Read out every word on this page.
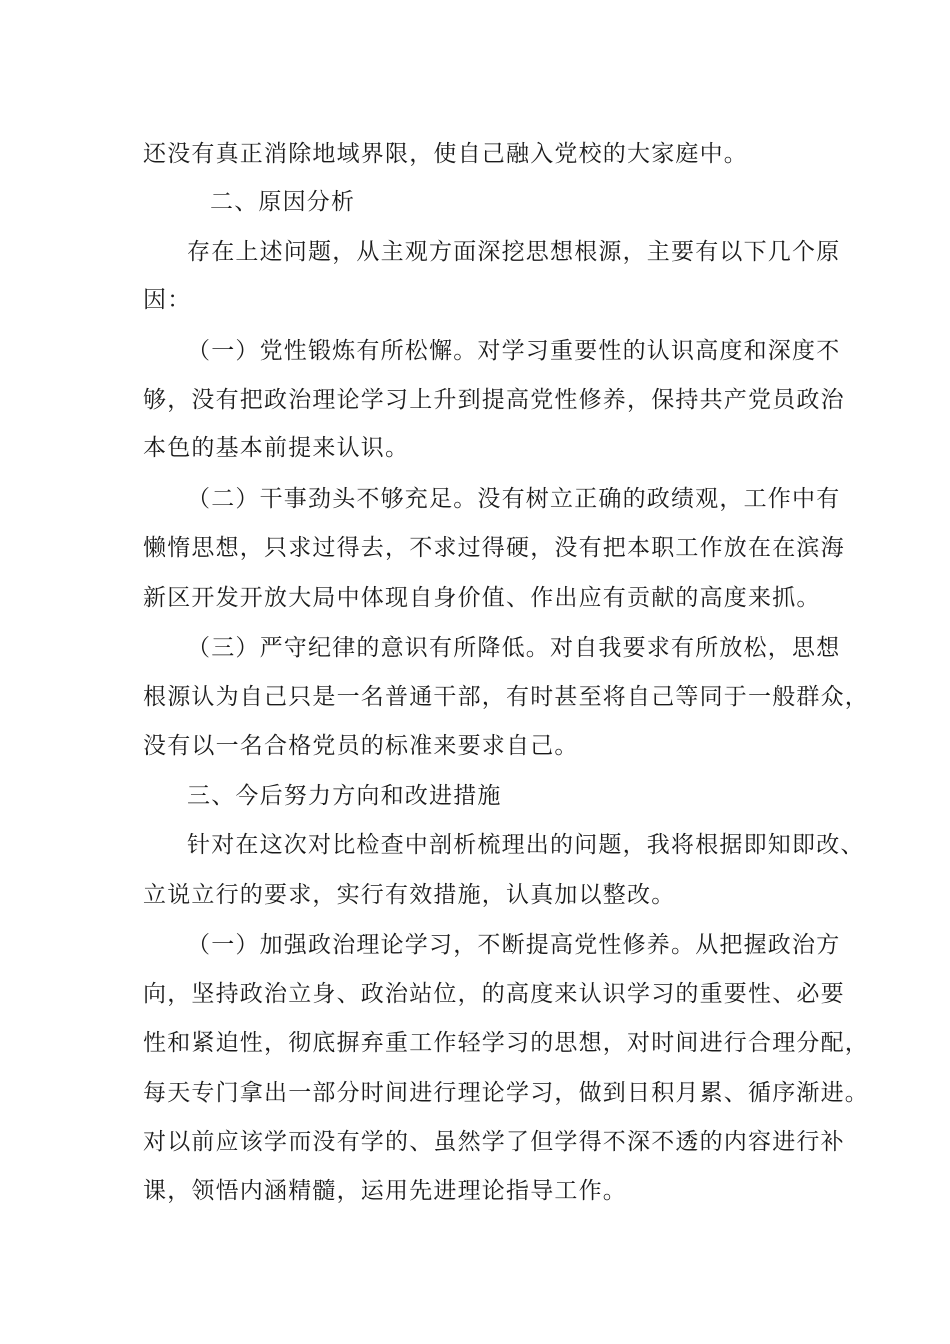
还没有真正消除地域界限，使自己融入党校的大家庭中。
二、原因分析
存在上述问题，从主观方面深挖思想根源，主要有以下几个原
因：
（一）党性锻炼有所松懈。对学习重要性的认识高度和深度不
够，没有把政治理论学习上升到提高党性修养，保持共产党员政治
本色的基本前提来认识。
（二）干事劲头不够充足。没有树立正确的政绩观，工作中有
懒惰思想，只求过得去，不求过得硬，没有把本职工作放在在滨海
新区开发开放大局中体现自身价值、作出应有贡献的高度来抓。
（三）严守纪律的意识有所降低。对自我要求有所放松，思想
根源认为自己只是一名普通干部，有时甚至将自己等同于一般群众，
没有以一名合格党员的标准来要求自己。
三、今后努力方向和改进措施
针对在这次对比检查中剖析梳理出的问题，我将根据即知即改、
立说立行的要求，实行有效措施，认真加以整改。
（一）加强政治理论学习，不断提高党性修养。从把握政治方
向，坚持政治立身、政治站位，的高度来认识学习的重要性、必要
性和紧迫性，彻底摒弃重工作轻学习的思想，对时间进行合理分配，
每天专门拿出一部分时间进行理论学习，做到日积月累、循序渐进。
对以前应该学而没有学的、虽然学了但学得不深不透的内容进行补
课，领悟内涵精髓，运用先进理论指导工作。
